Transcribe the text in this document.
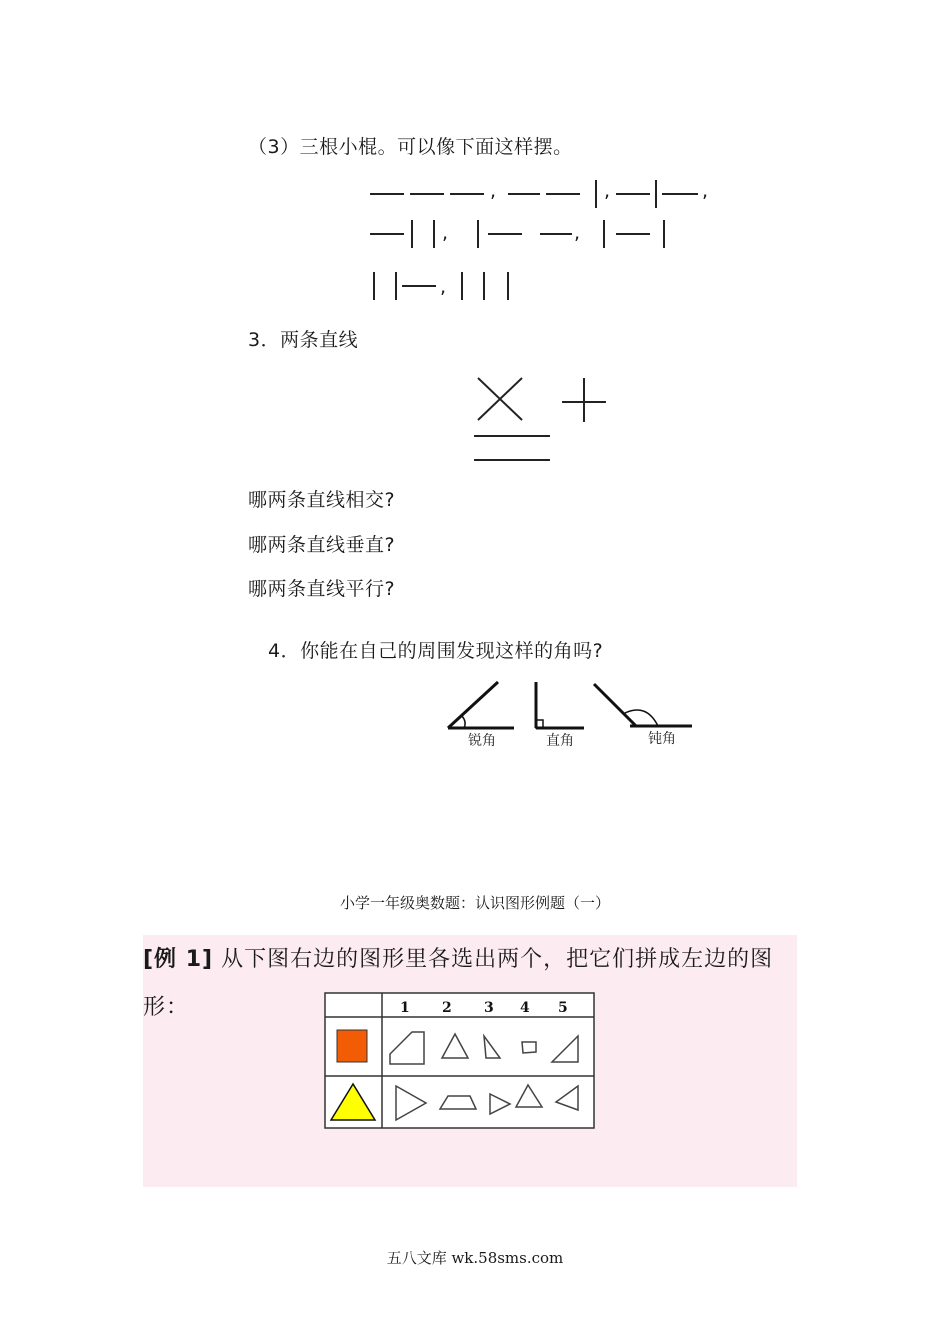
（3）三根小棍。可以像下面这样摆。
,	,	,
,	,
,
3．两条直线
哪两条直线相交?
哪两条直线垂直?
哪两条直线平行?
4．你能在自己的周围发现这样的角吗?
锐角	直角	钝角
小学一年级奥数题：认识图形例题（一）
[例 1] 从下图右边的图形里各选出两个，把它们拼成左边的图
形：	1 2 3 4 5
五八文库 wk.58sms.com
